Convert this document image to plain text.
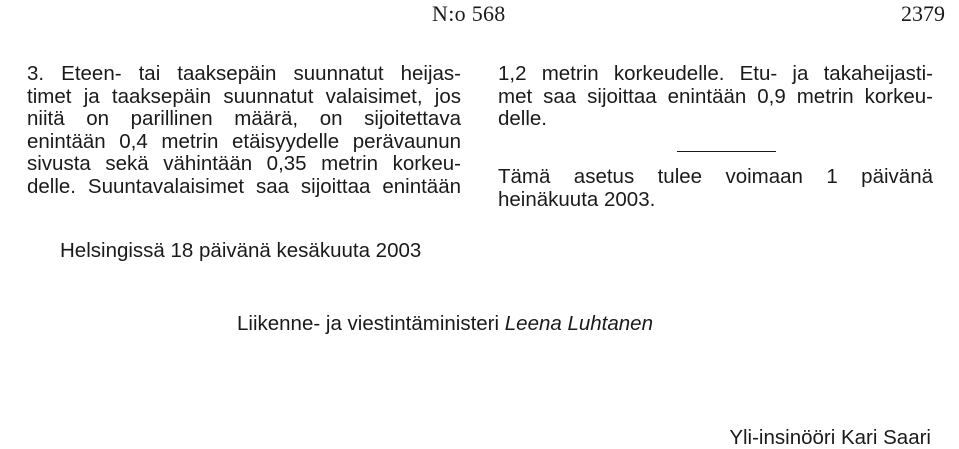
N:o 568	2379

3. Eteen- tai taaksepäin suunnatut heijas-
timet ja taaksepäin suunnatut valaisimet, jos
niitä on parillinen määrä, on sijoitettava
enintään 0,4 metrin etäisyydelle perävaunun
sivusta sekä vähintään 0,35 metrin korkeu-
delle. Suuntavalaisimet saa sijoittaa enintään

1,2 metrin korkeudelle. Etu- ja takaheijasti-
met saa sijoittaa enintään 0,9 metrin korkeu-
delle.

Tämä asetus tulee voimaan 1 päivänä
heinäkuuta 2003.

Helsingissä 18 päivänä kesäkuuta 2003
Liikenne- ja viestintäministeri Leena Luhtanen
Yli-insinööri Kari Saari
